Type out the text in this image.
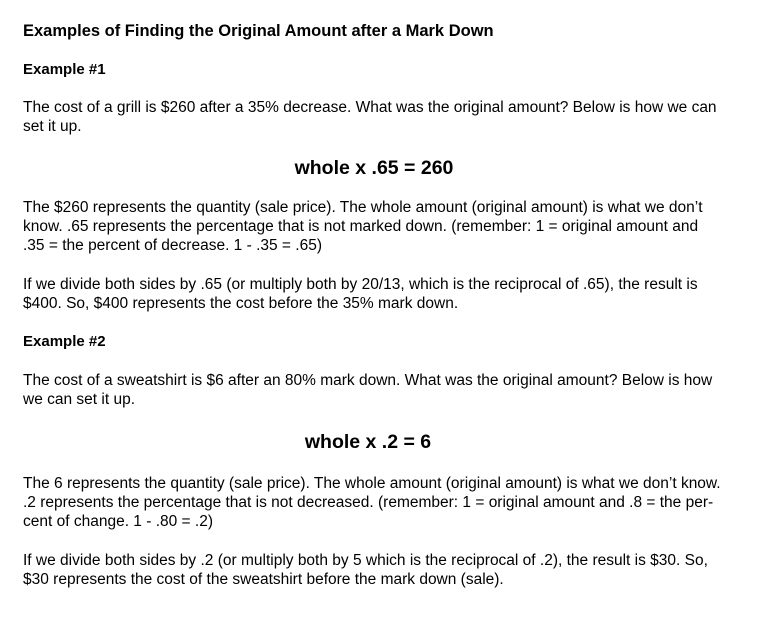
Examples of Finding the Original Amount after a Mark Down
Example #1

The cost of a grill is $260 after a 35% decrease. What was the original amount? Below is how we can
set it up.

whole x .65 = 260

The $260 represents the quantity (sale price). The whole amount (original amount) is what we don’t
know. .65 represents the percentage that is not marked down. (remember: 1 = original amount and
.35 = the percent of decrease. 1 - .35 = .65)

If we divide both sides by .65 (or multiply both by 20/13, which is the reciprocal of .65), the result is
$400. So, $400 represents the cost before the 35% mark down.

Example #2

The cost of a sweatshirt is $6 after an 80% mark down. What was the original amount? Below is how
we can set it up.

whole x .2 = 6

The 6 represents the quantity (sale price). The whole amount (original amount) is what we don’t know.
.2 represents the percentage that is not decreased. (remember: 1 = original amount and .8 = the per-
cent of change. 1 - .80 = .2)

If we divide both sides by .2 (or multiply both by 5 which is the reciprocal of .2), the result is $30. So,
$30 represents the cost of the sweatshirt before the mark down (sale).
